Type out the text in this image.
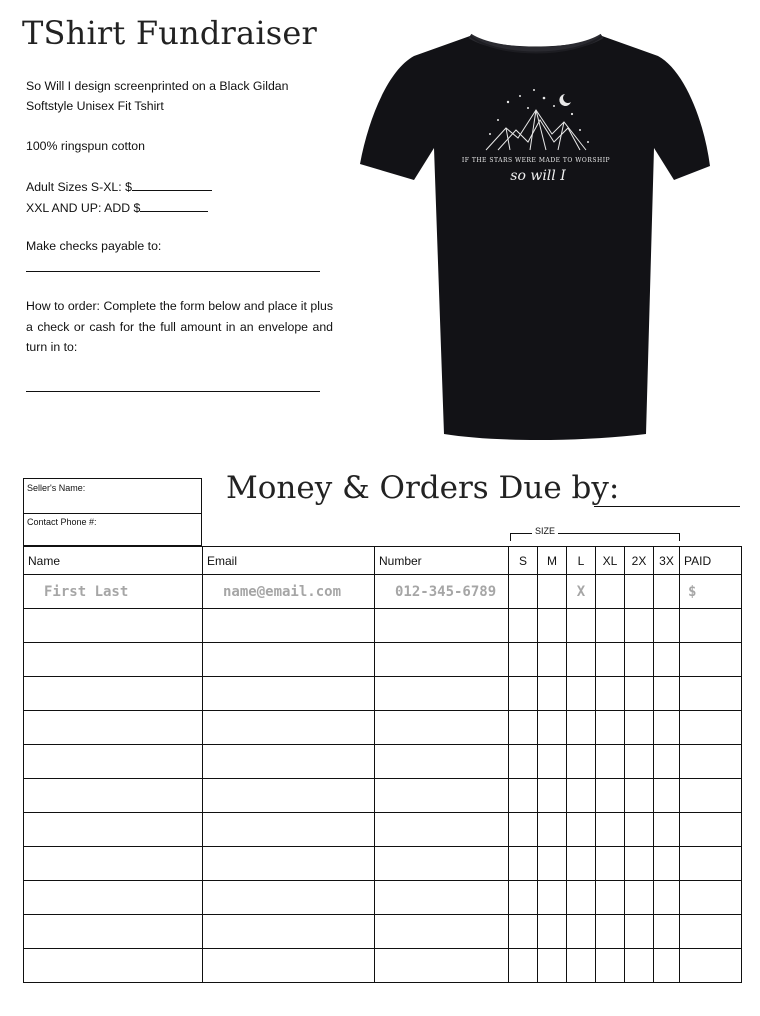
TShirt Fundraiser

So Will I design screenprinted on a Black Gildan

Softstyle Unisex Fit Tshirt

100% ringspun cotton

Adult Sizes S-XL: $

XXL AND UP: ADD $

Make checks payable to:
How to order: Complete the form below and place it plus a check or cash for the full amount in an envelope and turn in to:
IF THE STARS WERE MADE TO WORSHIP
so will I
Seller's Name:
Contact Phone #:
Money & Orders Due by:
SIZE
Name	Email	Number	S	M	L	XL	2X	3X	PAID
First Last	name@email.com	012-345-6789			X				$
